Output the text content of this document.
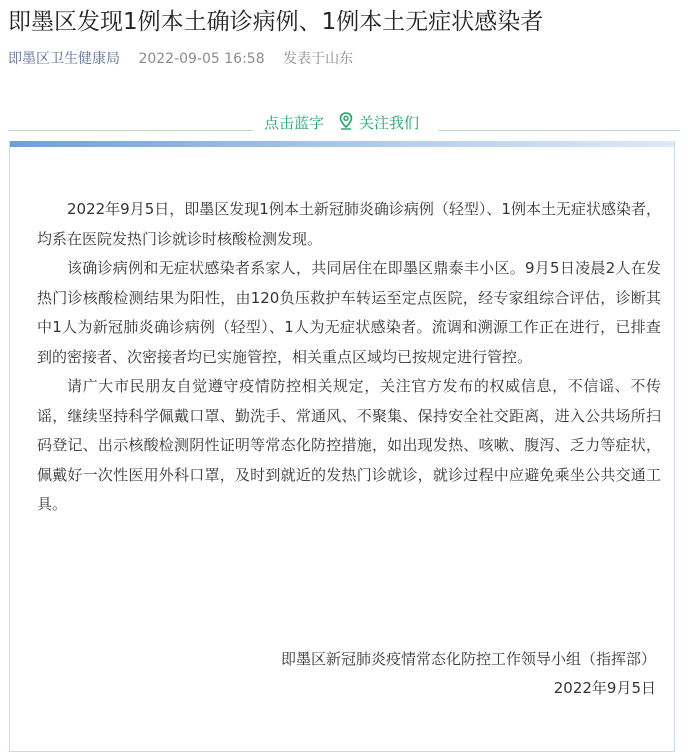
即墨区发现1例本土确诊病例、1例本土无症状感染者
即墨区卫生健康局 2022-09-05 16:58 发表于山东
点击蓝字 关注我们

2022年9月5日，即墨区发现1例本土新冠肺炎确诊病例（轻型）、1例本土无症状感染者，均系在医院发热门诊就诊时核酸检测发现。

该确诊病例和无症状感染者系家人，共同居住在即墨区鼎泰丰小区。9月5日凌晨2人在发热门诊核酸检测结果为阳性，由120负压救护车转运至定点医院，经专家组综合评估，诊断其中1人为新冠肺炎确诊病例（轻型）、1人为无症状感染者。流调和溯源工作正在进行，已排查到的密接者、次密接者均已实施管控，相关重点区域均已按规定进行管控。

请广大市民朋友自觉遵守疫情防控相关规定，关注官方发布的权威信息，不信谣、不传谣，继续坚持科学佩戴口罩、勤洗手、常通风、不聚集、保持安全社交距离，进入公共场所扫码登记、出示核酸检测阴性证明等常态化防控措施，如出现发热、咳嗽、腹泻、乏力等症状，佩戴好一次性医用外科口罩，及时到就近的发热门诊就诊，就诊过程中应避免乘坐公共交通工具。

即墨区新冠肺炎疫情常态化防控工作领导小组（指挥部）
2022年9月5日
